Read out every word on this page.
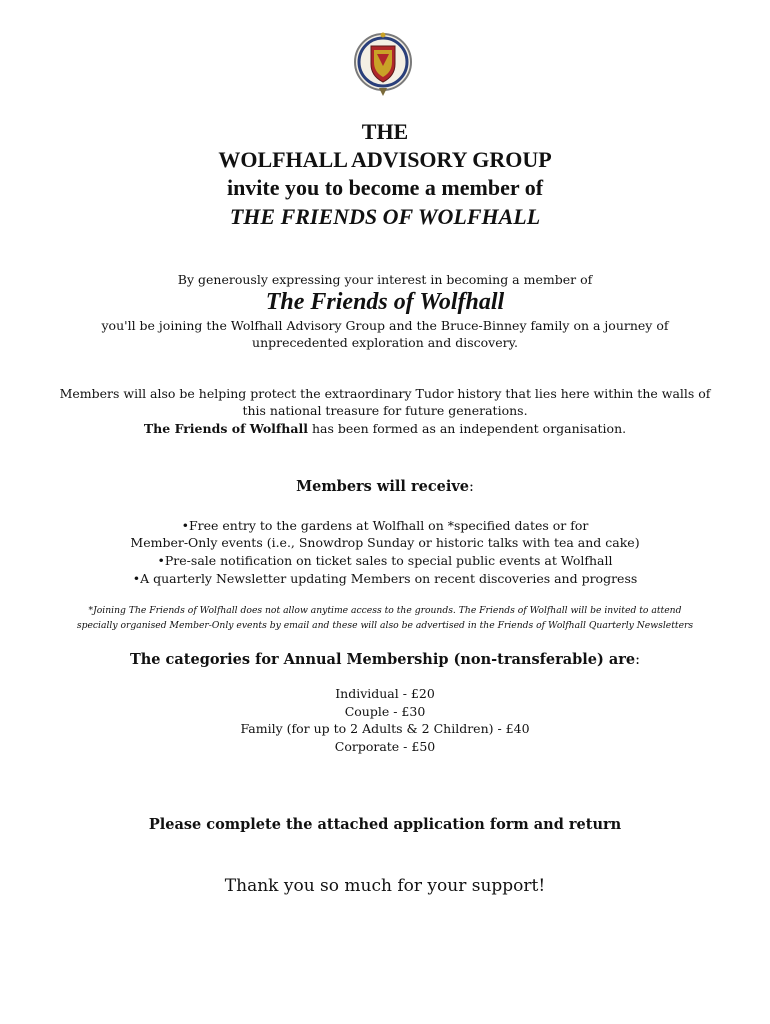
THE
WOLFHALL ADVISORY GROUP
invite you to become a member of
THE FRIENDS OF WOLFHALL
By generously expressing your interest in becoming a member of
The Friends of Wolfhall
you'll be joining the Wolfhall Advisory Group and the Bruce-Binney family on a journey of
unprecedented exploration and discovery.
Members will also be helping protect the extraordinary Tudor history that lies here within the walls of
this national treasure for future generations.
The Friends of Wolfhall has been formed as an independent organisation.
Members will receive:
•Free entry to the gardens at Wolfhall on *specified dates or for
Member-Only events (i.e., Snowdrop Sunday or historic talks with tea and cake)
•Pre-sale notification on ticket sales to special public events at Wolfhall
•A quarterly Newsletter updating Members on recent discoveries and progress
*Joining The Friends of Wolfhall does not allow anytime access to the grounds. The Friends of Wolfhall will be invited to attend
specially organised Member-Only events by email and these will also be advertised in the Friends of Wolfhall Quarterly Newsletters
The categories for Annual Membership (non-transferable) are:
Individual - £20
Couple - £30
Family (for up to 2 Adults & 2 Children) - £40
Corporate - £50
Please complete the attached application form and return
Thank you so much for your support!
